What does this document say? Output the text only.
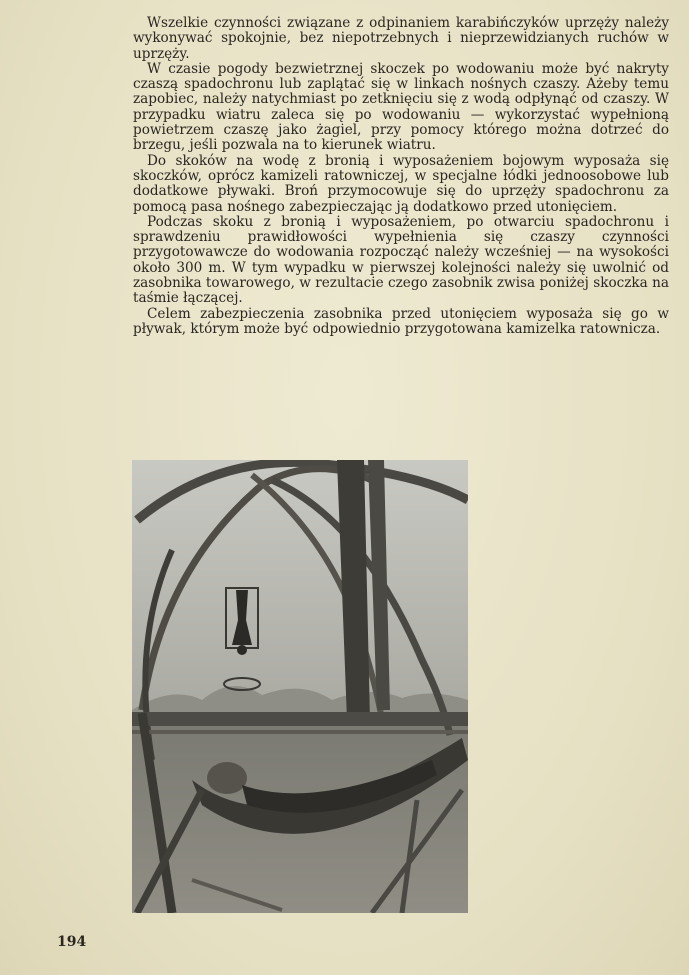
Wszelkie czynności związane z odpinaniem karabińczyków uprzęży należy wykonywać spokojnie, bez niepotrzebnych i nieprzewidzianych ruchów w uprzęży.

W czasie pogody bezwietrznej skoczek po wodowaniu może być nakryty czaszą spadochronu lub zaplątać się w linkach nośnych czaszy. Ażeby temu zapobiec, należy natychmiast po zetknięciu się z wodą odpłynąć od czaszy. W przypadku wiatru zaleca się po wodowaniu — wykorzystać wypełnioną powietrzem czaszę jako żagiel, przy pomocy którego można dotrzeć do brzegu, jeśli pozwala na to kierunek wiatru.

Do skoków na wodę z bronią i wyposażeniem bojowym wyposaża się skoczków, oprócz kamizeli ratowniczej, w specjalne łódki jednoosobowe lub dodatkowe pływaki. Broń przymocowuje się do uprzęży spadochronu za pomocą pasa nośnego zabezpieczając ją dodatkowo przed utonięciem.

Podczas skoku z bronią i wyposażeniem, po otwarciu spadochronu i sprawdzeniu prawidłowości wypełnienia się czaszy czynności przygotowawcze do wodowania rozpocząć należy wcześniej — na wysokości około 300 m. W tym wypadku w pierwszej kolejności należy się uwolnić od zasobnika towarowego, w rezultacie czego zasobnik zwisa poniżej skoczka na taśmie łączącej.

Celem zabezpieczenia zasobnika przed utonięciem wyposaża się go w pływak, którym może być odpowiednio przygotowana kamizelka ratownicza.

194
